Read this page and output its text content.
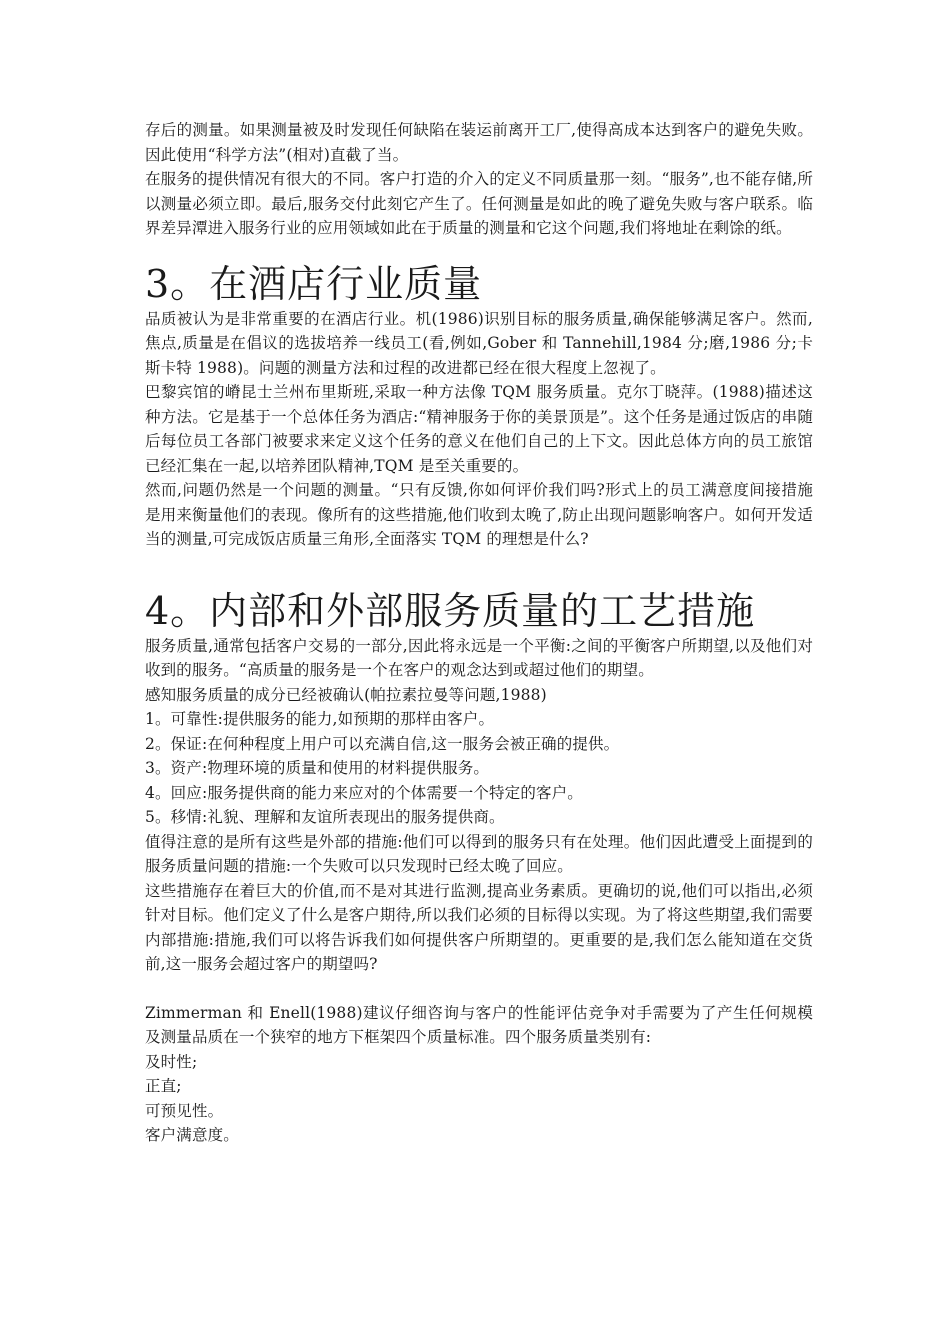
存后的测量。如果测量被及时发现任何缺陷在装运前离开工厂,使得高成本达到客户的避免失败。因此使用“科学方法”(相对)直截了当。

在服务的提供情况有很大的不同。客户打造的介入的定义不同质量那一刻。“服务”,也不能存储,所以测量必须立即。最后,服务交付此刻它产生了。任何测量是如此的晚了避免失败与客户联系。临界差异潭进入服务行业的应用领域如此在于质量的测量和它这个问题,我们将地址在剩馀的纸。

3。在酒店行业质量

品质被认为是非常重要的在酒店行业。机(1986)识别目标的服务质量,确保能够满足客户。然而,焦点,质量是在倡议的选拔培养一线员工(看,例如,Gober 和 Tannehill,1984 分;磨,1986 分;卡斯卡特 1988)。问题的测量方法和过程的改进都已经在很大程度上忽视了。

巴黎宾馆的嵴昆士兰州布里斯班,采取一种方法像 TQM 服务质量。克尔丁晓萍。(1988)描述这种方法。它是基于一个总体任务为酒店:“精神服务于你的美景顶是”。这个任务是通过饭店的串随后每位员工各部门被要求来定义这个任务的意义在他们自己的上下文。因此总体方向的员工旅馆已经汇集在一起,以培养团队精神,TQM 是至关重要的。

然而,问题仍然是一个问题的测量。“只有反馈,你如何评价我们吗?形式上的员工满意度间接措施是用来衡量他们的表现。像所有的这些措施,他们收到太晚了,防止出现问题影响客户。如何开发适当的测量,可完成饭店质量三角形,全面落实 TQM 的理想是什么?

4。内部和外部服务质量的工艺措施

服务质量,通常包括客户交易的一部分,因此将永远是一个平衡:之间的平衡客户所期望,以及他们对收到的服务。“高质量的服务是一个在客户的观念达到或超过他们的期望。

感知服务质量的成分已经被确认(帕拉素拉曼等问题,1988)

1。可靠性:提供服务的能力,如预期的那样由客户。

2。保证:在何种程度上用户可以充满自信,这一服务会被正确的提供。

3。资产:物理环境的质量和使用的材料提供服务。

4。回应:服务提供商的能力来应对的个体需要一个特定的客户。

5。移情:礼貌、理解和友谊所表现出的服务提供商。

值得注意的是所有这些是外部的措施:他们可以得到的服务只有在处理。他们因此遭受上面提到的服务质量问题的措施:一个失败可以只发现时已经太晚了回应。

这些措施存在着巨大的价值,而不是对其进行监测,提高业务素质。更确切的说,他们可以指出,必须针对目标。他们定义了什么是客户期待,所以我们必须的目标得以实现。为了将这些期望,我们需要内部措施:措施,我们可以将告诉我们如何提供客户所期望的。更重要的是,我们怎么能知道在交货前,这一服务会超过客户的期望吗?

Zimmerman 和 Enell(1988)建议仔细咨询与客户的性能评估竞争对手需要为了产生任何规模及测量品质在一个狭窄的地方下框架四个质量标准。四个服务质量类别有:

及时性;

正直;

可预见性。

客户满意度。
